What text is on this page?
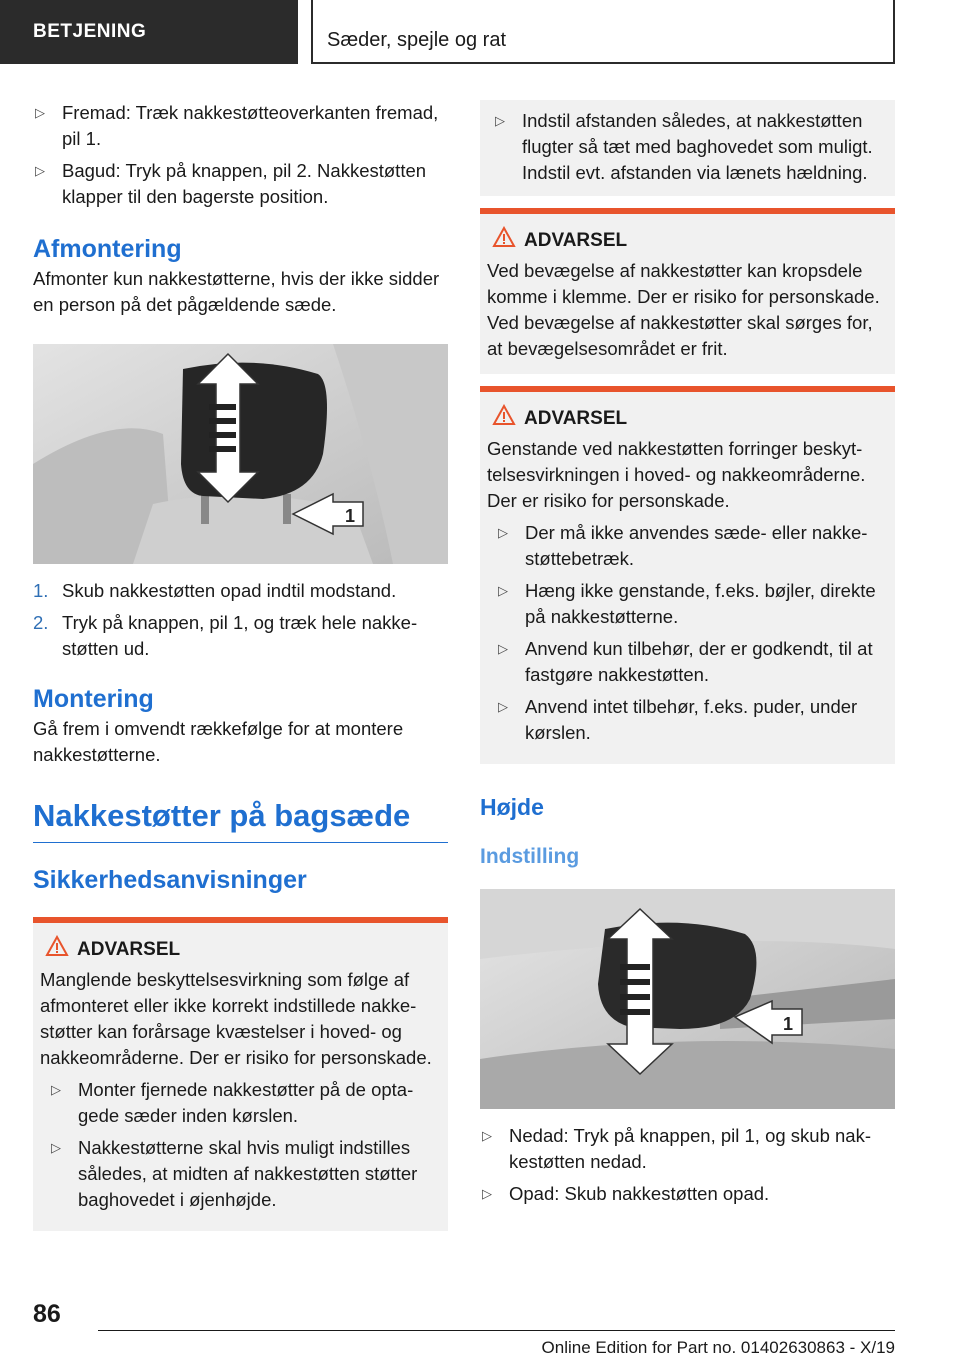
BETJENING	Sæder, spejle og rat
▷ Fremad: Træk nakkestøtteoverkanten fremad, pil 1.
▷ Bagud: Tryk på knappen, pil 2. Nakkestøtten klapper til den bagerste position.
Afmontering

Afmonter kun nakkestøtterne, hvis der ikke sidder en person på det pågældende sæde.

1
1. Skub nakkestøtten opad indtil modstand.
2. Tryk på knappen, pil 1, og træk hele nakkestøtten ud.
Montering

Gå frem i omvendt rækkefølge for at montere nakkestøtterne.

Nakkestøtter på bagsæde
Sikkerhedsanvisninger
ADVARSEL

Manglende beskyttelsesvirkning som følge af afmonteret eller ikke korrekt indstillede nakkestøtter kan forårsage kvæstelser i hoved- og nakkeområderne. Der er risiko for personskade.

▷ Monter fjernede nakkestøtter på de optagede sæder inden kørslen.
▷ Nakkestøtterne skal hvis muligt indstilles således, at midten af nakkestøtten støtter baghovedet i øjenhøjde.
▷ Indstil afstanden således, at nakkestøtten flugter så tæt med baghovedet som muligt. Indstil evt. afstanden via lænets hældning.
ADVARSEL

Ved bevægelse af nakkestøtter kan kropsdele komme i klemme. Der er risiko for personskade. Ved bevægelse af nakkestøtter skal sørges for, at bevægelsesområdet er frit.

ADVARSEL

Genstande ved nakkestøtten forringer beskyttelsesvirkningen i hoved- og nakkeområderne. Der er risiko for personskade.

▷ Der må ikke anvendes sæde- eller nakkestøttebetræk.
▷ Hæng ikke genstande, f.eks. bøjler, direkte på nakkestøtterne.
▷ Anvend kun tilbehør, der er godkendt, til at fastgøre nakkestøtten.
▷ Anvend intet tilbehør, f.eks. puder, under kørslen.
Højde
Indstilling
1
▷ Nedad: Tryk på knappen, pil 1, og skub nakkestøtten nedad.
▷ Opad: Skub nakkestøtten opad.
86
Online Edition for Part no. 01402630863 - X/19
